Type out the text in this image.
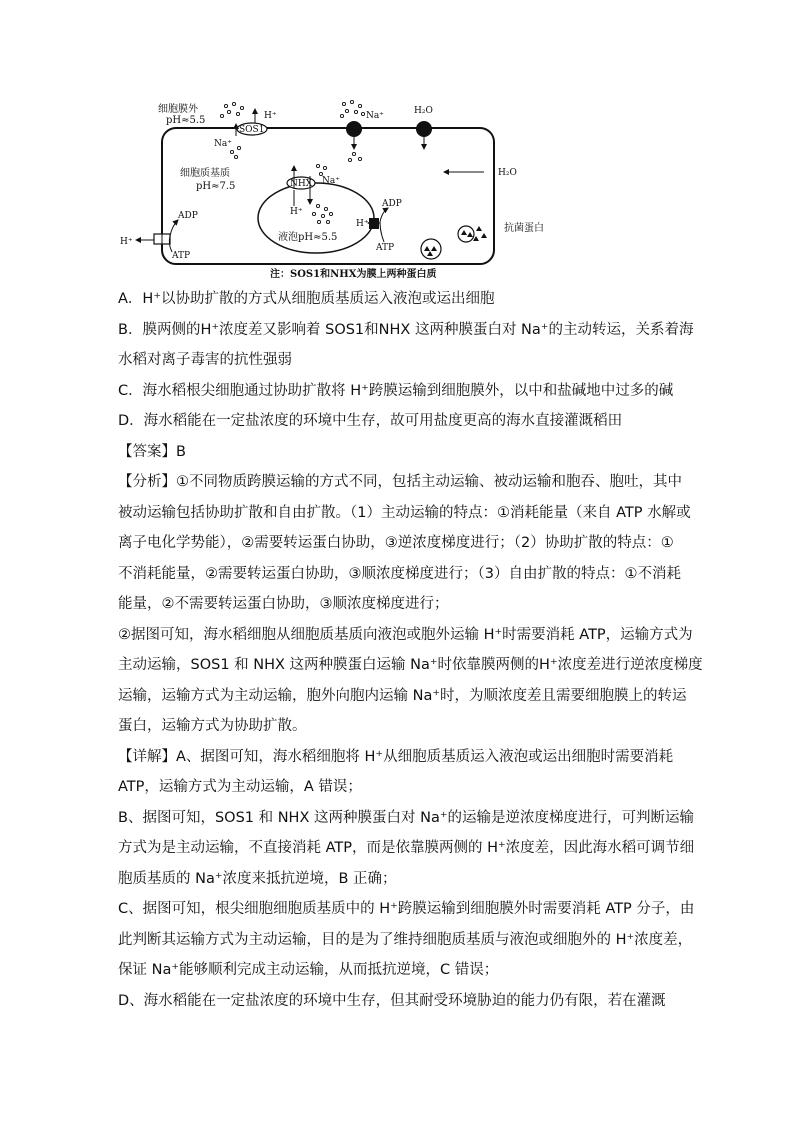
细胞膜外
pH≈5.5
SOS1
H⁺
Na⁺
Na⁺	H₂O
H₂O
细胞质基质
pH≈7.5
液泡pH≈5.5
NHX
H⁺
Na⁺
ADP
ATP
H⁺
H⁺
ADP
ATP
抗菌蛋白
注：SOS1和NHX为膜上两种蛋白质
A．H⁺以协助扩散的方式从细胞质基质运入液泡或运出细胞
B．膜两侧的H⁺浓度差又影响着 SOS1和NHX 这两种膜蛋白对 Na⁺的主动转运，关系着海
水稻对离子毒害的抗性强弱
C．海水稻根尖细胞通过协助扩散将 H⁺跨膜运输到细胞膜外，以中和盐碱地中过多的碱
D．海水稻能在一定盐浓度的环境中生存，故可用盐度更高的海水直接灌溉稻田
【答案】B
【分析】①不同物质跨膜运输的方式不同，包括主动运输、被动运输和胞吞、胞吐，其中
被动运输包括协助扩散和自由扩散。（1）主动运输的特点：①消耗能量（来自 ATP 水解或
离子电化学势能），②需要转运蛋白协助，③逆浓度梯度进行；（2）协助扩散的特点：①
不消耗能量，②需要转运蛋白协助，③顺浓度梯度进行；（3）自由扩散的特点：①不消耗
能量，②不需要转运蛋白协助，③顺浓度梯度进行；
②据图可知，海水稻细胞从细胞质基质向液泡或胞外运输 H⁺时需要消耗 ATP，运输方式为
主动运输，SOS1 和 NHX 这两种膜蛋白运输 Na⁺时依靠膜两侧的H⁺浓度差进行逆浓度梯度
运输，运输方式为主动运输，胞外向胞内运输 Na⁺时，为顺浓度差且需要细胞膜上的转运
蛋白，运输方式为协助扩散。
【详解】A、据图可知，海水稻细胞将 H⁺从细胞质基质运入液泡或运出细胞时需要消耗
ATP，运输方式为主动运输，A 错误；
B、据图可知，SOS1 和 NHX 这两种膜蛋白对 Na⁺的运输是逆浓度梯度进行，可判断运输
方式为是主动运输，不直接消耗 ATP，而是依靠膜两侧的 H⁺浓度差，因此海水稻可调节细
胞质基质的 Na⁺浓度来抵抗逆境，B 正确；
C、据图可知，根尖细胞细胞质基质中的 H⁺跨膜运输到细胞膜外时需要消耗 ATP 分子，由
此判断其运输方式为主动运输，目的是为了维持细胞质基质与液泡或细胞外的 H⁺浓度差，
保证 Na⁺能够顺利完成主动运输，从而抵抗逆境，C 错误；
D、海水稻能在一定盐浓度的环境中生存，但其耐受环境胁迫的能力仍有限，若在灌溉
